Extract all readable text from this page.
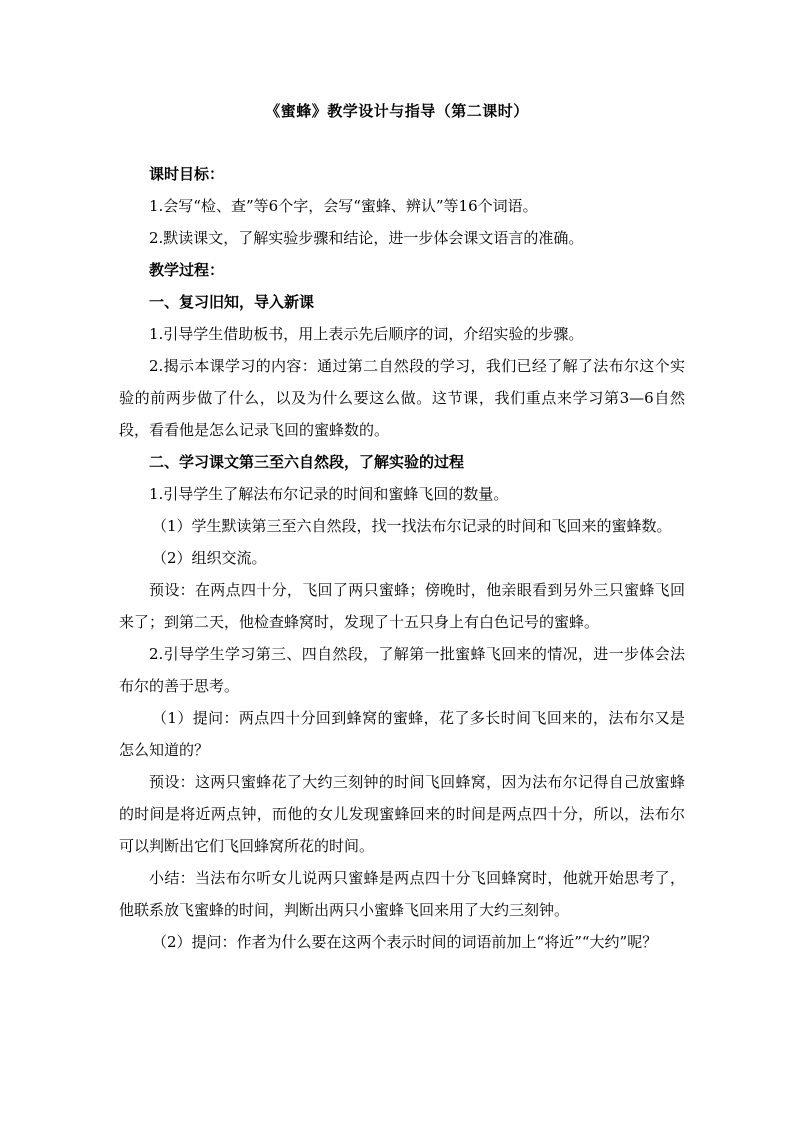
《蜜蜂》教学设计与指导（第二课时）

课时目标：

1.会写“检、查”等6个字，会写“蜜蜂、辨认”等16个词语。

2.默读课文，了解实验步骤和结论，进一步体会课文语言的准确。

教学过程：

一、复习旧知，导入新课

1.引导学生借助板书，用上表示先后顺序的词，介绍实验的步骤。

2.揭示本课学习的内容：通过第二自然段的学习，我们已经了解了法布尔这个实验的前两步做了什么，以及为什么要这么做。这节课，我们重点来学习第3—6自然段，看看他是怎么记录飞回的蜜蜂数的。

二、学习课文第三至六自然段，了解实验的过程

1.引导学生了解法布尔记录的时间和蜜蜂飞回的数量。

（1）学生默读第三至六自然段，找一找法布尔记录的时间和飞回来的蜜蜂数。

（2）组织交流。

预设：在两点四十分，飞回了两只蜜蜂；傍晚时，他亲眼看到另外三只蜜蜂飞回来了；到第二天，他检查蜂窝时，发现了十五只身上有白色记号的蜜蜂。

2.引导学生学习第三、四自然段，了解第一批蜜蜂飞回来的情况，进一步体会法布尔的善于思考。

（1）提问：两点四十分回到蜂窝的蜜蜂，花了多长时间飞回来的，法布尔又是怎么知道的？

预设：这两只蜜蜂花了大约三刻钟的时间飞回蜂窝，因为法布尔记得自己放蜜蜂的时间是将近两点钟，而他的女儿发现蜜蜂回来的时间是两点四十分，所以，法布尔可以判断出它们飞回蜂窝所花的时间。

小结：当法布尔听女儿说两只蜜蜂是两点四十分飞回蜂窝时，他就开始思考了，他联系放飞蜜蜂的时间，判断出两只小蜜蜂飞回来用了大约三刻钟。

（2）提问：作者为什么要在这两个表示时间的词语前加上“将近”“大约”呢？
